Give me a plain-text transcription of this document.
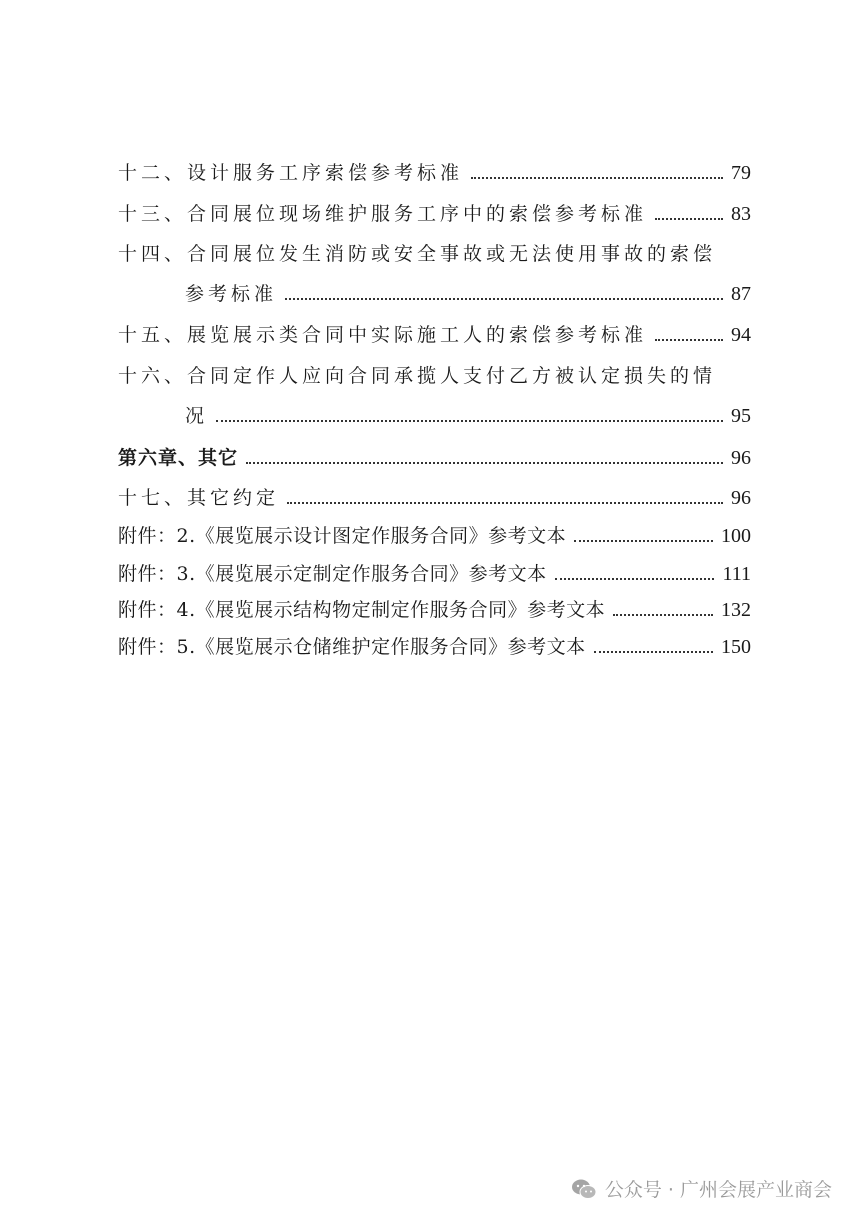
十二、设计服务工序索偿参考标准	79
十三、合同展位现场维护服务工序中的索偿参考标准	83
十四、合同展位发生消防或安全事故或无法使用事故的索偿
参考标准	87
十五、展览展示类合同中实际施工人的索偿参考标准	94
十六、合同定作人应向合同承揽人支付乙方被认定损失的情
况	95
第六章、其它	96
十七、其它约定	96
附件：2.《展览展示设计图定作服务合同》参考文本	100
附件：3.《展览展示定制定作服务合同》参考文本	111
附件：4.《展览展示结构物定制定作服务合同》参考文本	132
附件：5.《展览展示仓储维护定作服务合同》参考文本	150
公众号 · 广州会展产业商会
